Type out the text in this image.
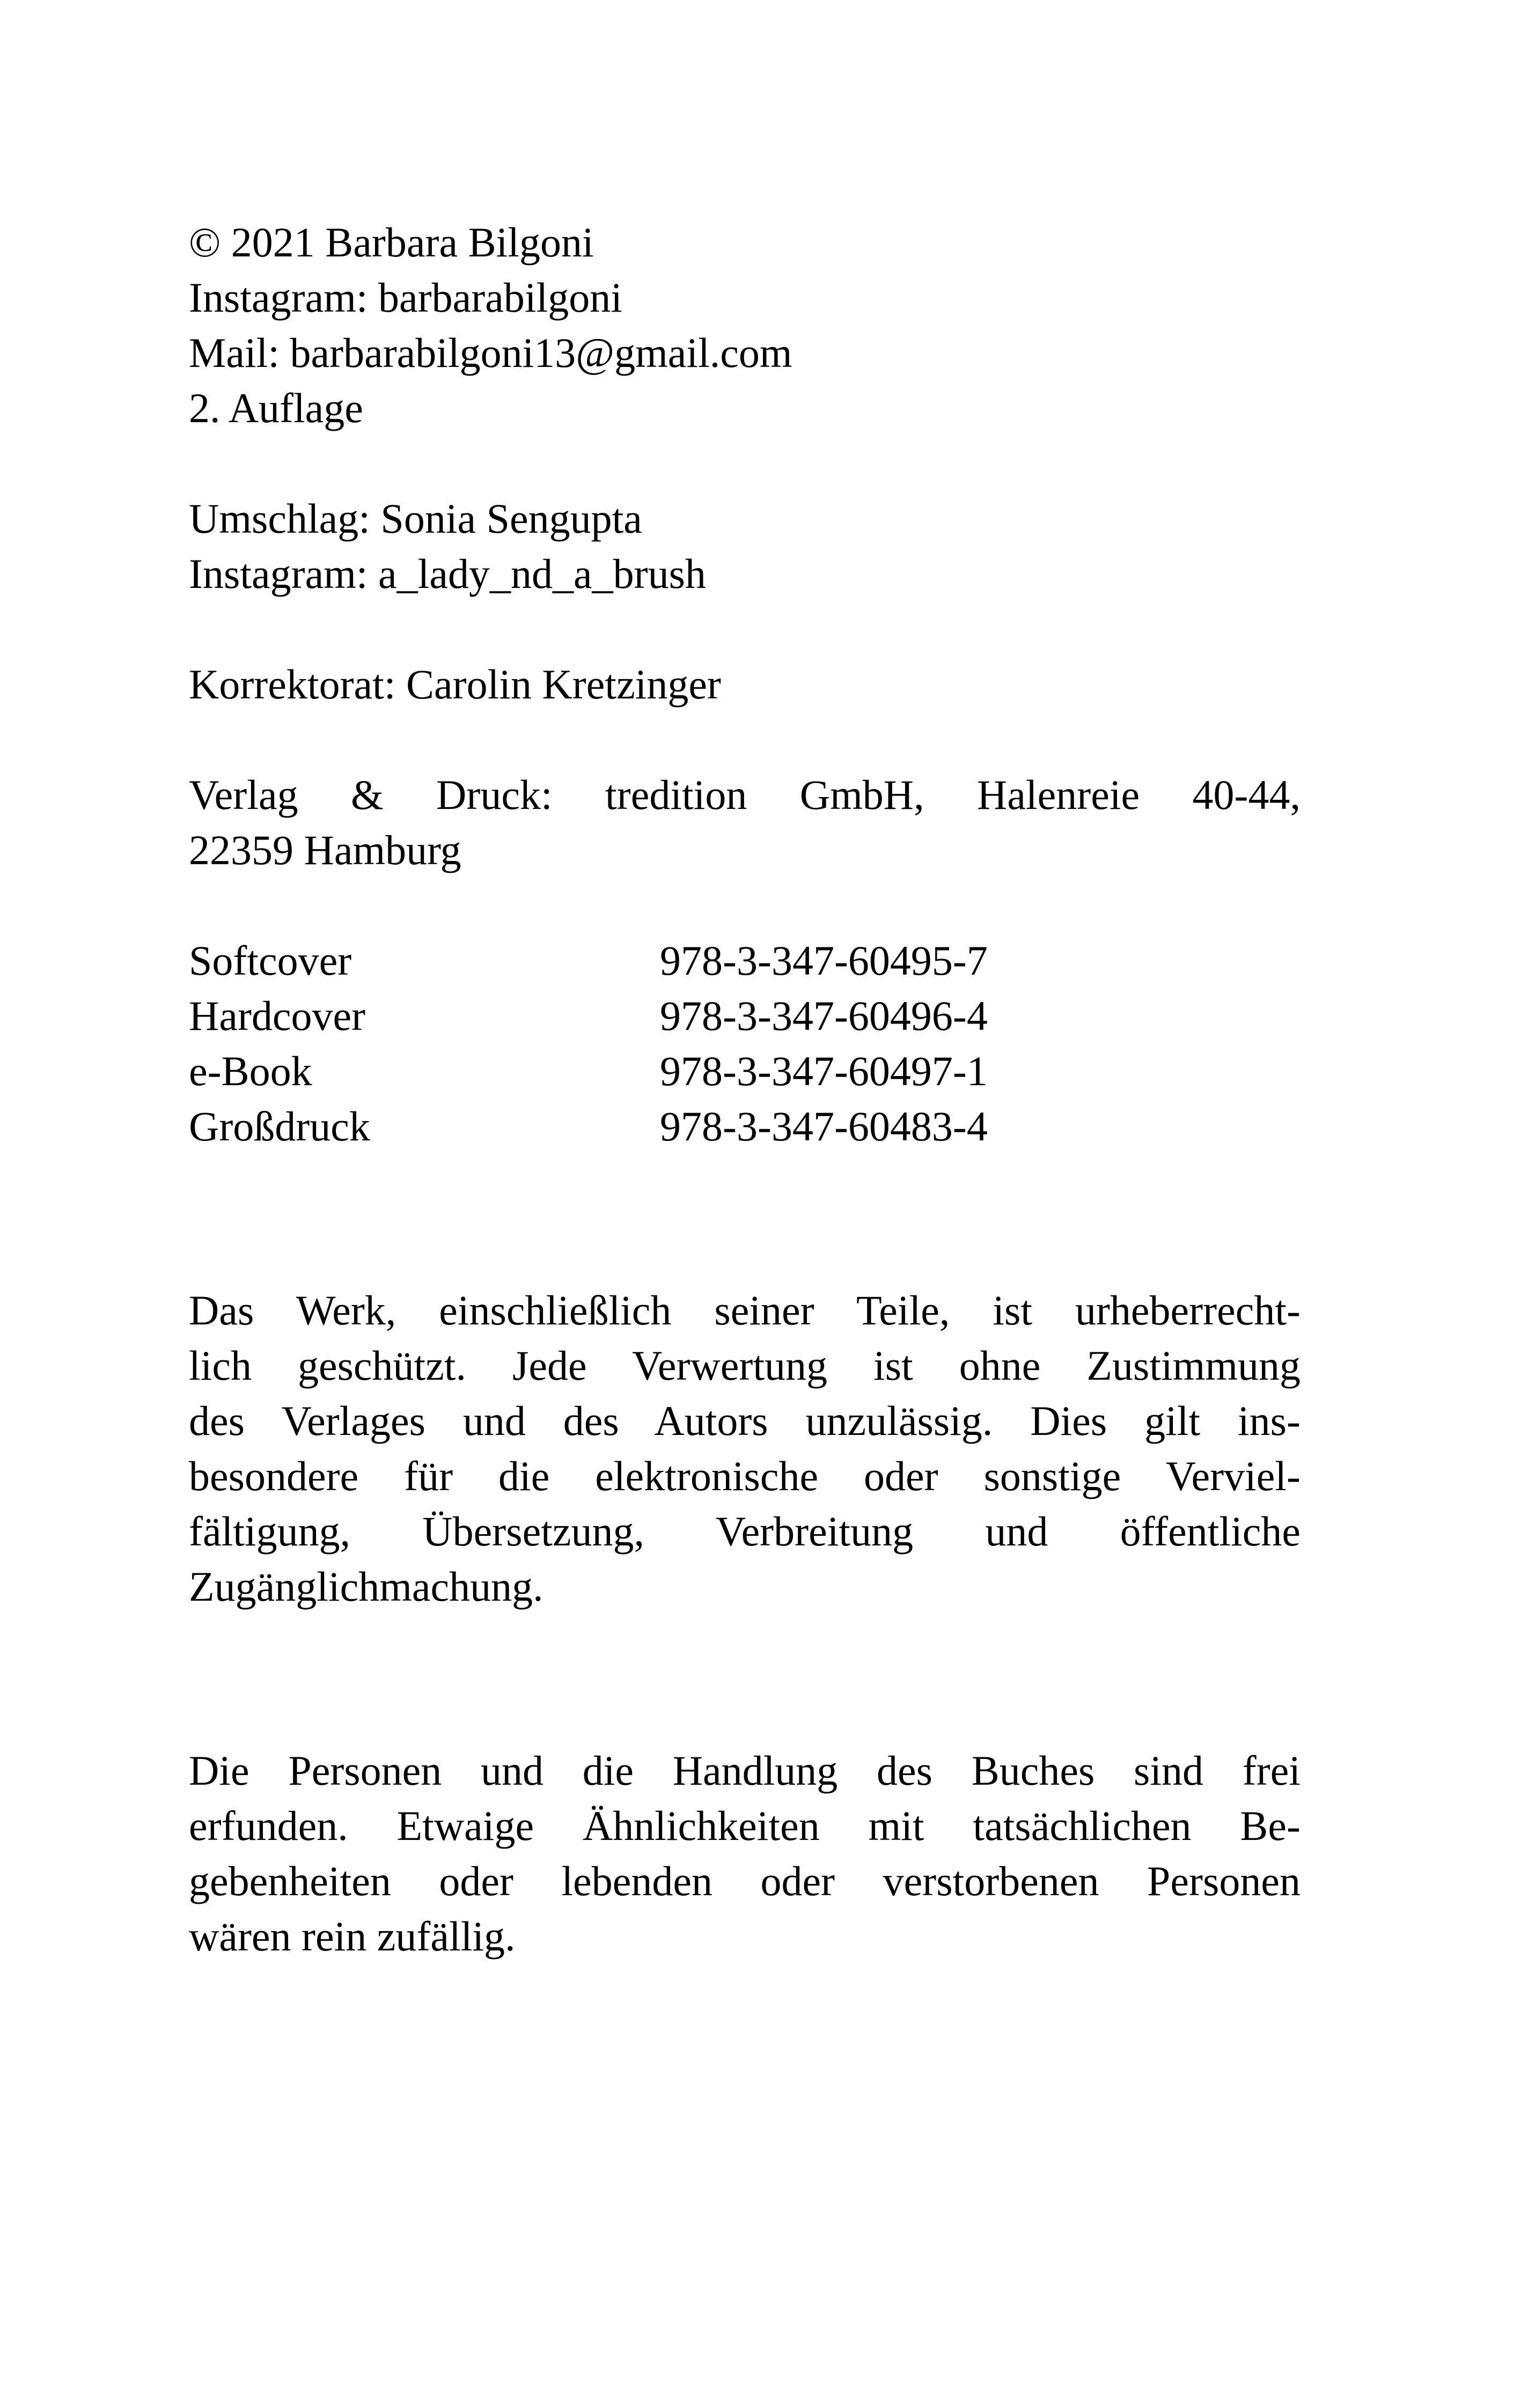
© 2021 Barbara Bilgoni
Instagram: barbarabilgoni
Mail: barbarabilgoni13@gmail.com
2. Auflage
Umschlag: Sonia Sengupta
Instagram: a_lady_nd_a_brush
Korrektorat: Carolin Kretzinger
Verlag & Druck: tredition GmbH, Halenreie 40-44,
22359 Hamburg
Softcover	978-3-347-60495-7
Hardcover	978-3-347-60496-4
e-Book	978-3-347-60497-1
Großdruck	978-3-347-60483-4
Das Werk, einschließlich seiner Teile, ist urheberrecht-
lich geschützt. Jede Verwertung ist ohne Zustimmung
des Verlages und des Autors unzulässig. Dies gilt ins-
besondere für die elektronische oder sonstige Verviel-
fältigung, Übersetzung, Verbreitung und öffentliche
Zugänglichmachung.
Die Personen und die Handlung des Buches sind frei
erfunden. Etwaige Ähnlichkeiten mit tatsächlichen Be-
gebenheiten oder lebenden oder verstorbenen Personen
wären rein zufällig.
